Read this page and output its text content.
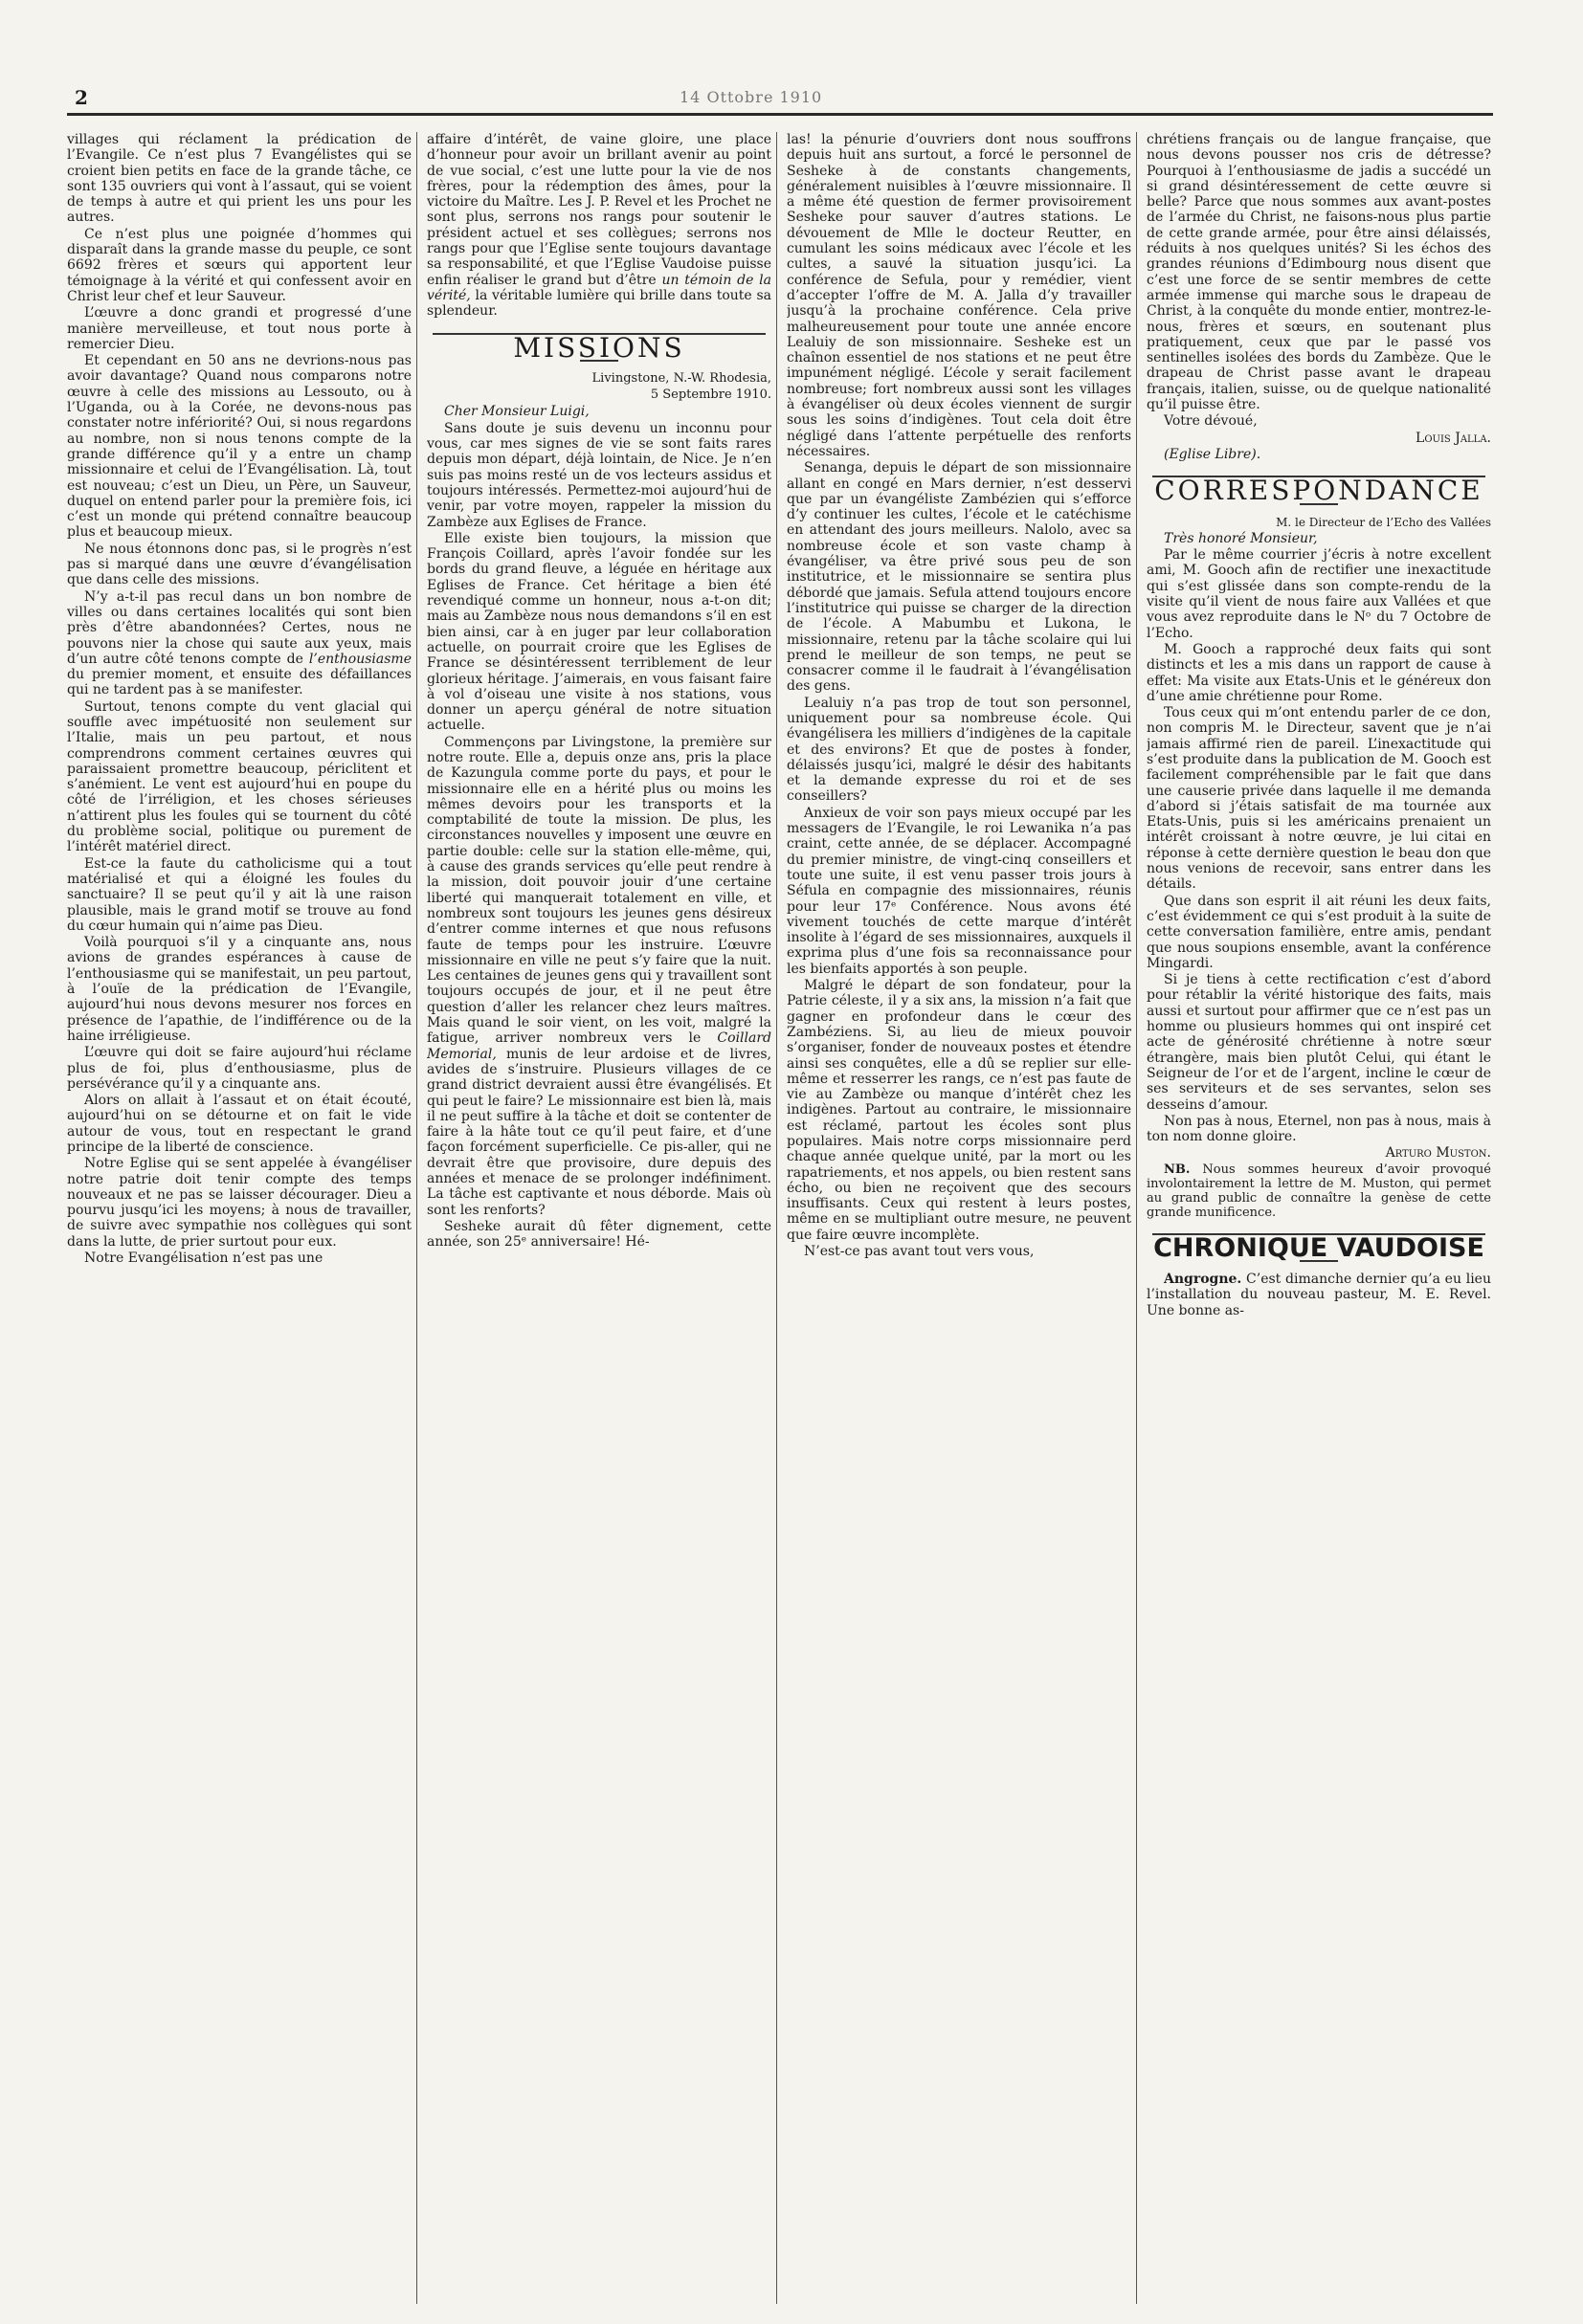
2	14 Ottobre 1910

villages qui réclament la prédication de l’Evangile. Ce n’est plus 7 Evangélistes qui se croient bien petits en face de la grande tâche, ce sont 135 ouvriers qui vont à l’assaut, qui se voient de temps à autre et qui prient les uns pour les autres.

Ce n’est plus une poignée d’hommes qui disparaît dans la grande masse du peuple, ce sont 6692 frères et sœurs qui apportent leur témoignage à la vérité et qui confessent avoir en Christ leur chef et leur Sauveur.

L’œuvre a donc grandi et progressé d’une manière merveilleuse, et tout nous porte à remercier Dieu.

Et cependant en 50 ans ne devrions-nous pas avoir davantage? Quand nous comparons notre œuvre à celle des missions au Lessouto, ou à l’Uganda, ou à la Corée, ne devons-nous pas constater notre infériorité? Oui, si nous regardons au nombre, non si nous tenons compte de la grande différence qu’il y a entre un champ missionnaire et celui de l’Evangélisation. Là, tout est nouveau; c’est un Dieu, un Père, un Sauveur, duquel on entend parler pour la première fois, ici c’est un monde qui prétend connaître beaucoup plus et beaucoup mieux.

Ne nous étonnons donc pas, si le progrès n’est pas si marqué dans une œuvre d’évangélisation que dans celle des missions.

N’y a-t-il pas recul dans un bon nombre de villes ou dans certaines localités qui sont bien près d’être abandonnées? Certes, nous ne pouvons nier la chose qui saute aux yeux, mais d’un autre côté tenons compte de l’enthousiasme du premier moment, et ensuite des défaillances qui ne tardent pas à se manifester.

Surtout, tenons compte du vent glacial qui souffle avec impétuosité non seulement sur l’Italie, mais un peu partout, et nous comprendrons comment certaines œuvres qui paraissaient promettre beaucoup, périclitent et s’anémient. Le vent est aujourd’hui en poupe du côté de l’irréligion, et les choses sérieuses n’attirent plus les foules qui se tournent du côté du problème social, politique ou purement de l’intérêt matériel direct.

Est-ce la faute du catholicisme qui a tout matérialisé et qui a éloigné les foules du sanctuaire? Il se peut qu’il y ait là une raison plausible, mais le grand motif se trouve au fond du cœur humain qui n’aime pas Dieu.

Voilà pourquoi s’il y a cinquante ans, nous avions de grandes espérances à cause de l’enthousiasme qui se manifestait, un peu partout, à l’ouïe de la prédication de l’Evangile, aujourd’hui nous devons mesurer nos forces en présence de l’apathie, de l’indifférence ou de la haine irréligieuse.

L’œuvre qui doit se faire aujourd’hui réclame plus de foi, plus d’enthousiasme, plus de persévérance qu’il y a cinquante ans.

Alors on allait à l’assaut et on était écouté, aujourd’hui on se détourne et on fait le vide autour de vous, tout en respectant le grand principe de la liberté de conscience.

Notre Eglise qui se sent appelée à évangéliser notre patrie doit tenir compte des temps nouveaux et ne pas se laisser décourager. Dieu a pourvu jusqu’ici les moyens; à nous de travailler, de suivre avec sympathie nos collègues qui sont dans la lutte, de prier surtout pour eux.

Notre Evangélisation n’est pas une

affaire d’intérêt, de vaine gloire, une place d’honneur pour avoir un brillant avenir au point de vue social, c’est une lutte pour la vie de nos frères, pour la rédemption des âmes, pour la victoire du Maître. Les J. P. Revel et les Prochet ne sont plus, serrons nos rangs pour soutenir le président actuel et ses collègues; serrons nos rangs pour que l’Eglise sente toujours davantage sa responsabilité, et que l’Eglise Vaudoise puisse enfin réaliser le grand but d’être un témoin de la vérité, la véritable lumière qui brille dans toute sa splendeur.

MISSIONS

Livingstone, N.-W. Rhodesia,

5 Septembre 1910.

Cher Monsieur Luigi,

Sans doute je suis devenu un inconnu pour vous, car mes signes de vie se sont faits rares depuis mon départ, déjà lointain, de Nice. Je n’en suis pas moins resté un de vos lecteurs assidus et toujours intéressés. Permettez-moi aujourd’hui de venir, par votre moyen, rappeler la mission du Zambèze aux Eglises de France.

Elle existe bien toujours, la mission que François Coillard, après l’avoir fondée sur les bords du grand fleuve, a léguée en héritage aux Eglises de France. Cet héritage a bien été revendiqué comme un honneur, nous a-t-on dit; mais au Zambèze nous nous demandons s’il en est bien ainsi, car à en juger par leur collaboration actuelle, on pourrait croire que les Eglises de France se désintéressent terriblement de leur glorieux héritage. J’aimerais, en vous faisant faire à vol d’oiseau une visite à nos stations, vous donner un aperçu général de notre situation actuelle.

Commençons par Livingstone, la première sur notre route. Elle a, depuis onze ans, pris la place de Kazungula comme porte du pays, et pour le missionnaire elle en a hérité plus ou moins les mêmes devoirs pour les transports et la comptabilité de toute la mission. De plus, les circonstances nouvelles y imposent une œuvre en partie double: celle sur la station elle-même, qui, à cause des grands services qu’elle peut rendre à la mission, doit pouvoir jouir d’une certaine liberté qui manquerait totalement en ville, et nombreux sont toujours les jeunes gens désireux d’entrer comme internes et que nous refusons faute de temps pour les instruire. L’œuvre missionnaire en ville ne peut s’y faire que la nuit. Les centaines de jeunes gens qui y travaillent sont toujours occupés de jour, et il ne peut être question d’aller les relancer chez leurs maîtres. Mais quand le soir vient, on les voit, malgré la fatigue, arriver nombreux vers le Coillard Memorial, munis de leur ardoise et de livres, avides de s’instruire. Plusieurs villages de ce grand district devraient aussi être évangélisés. Et qui peut le faire? Le missionnaire est bien là, mais il ne peut suffire à la tâche et doit se contenter de faire à la hâte tout ce qu’il peut faire, et d’une façon forcément superficielle. Ce pis-aller, qui ne devrait être que provisoire, dure depuis des années et menace de se prolonger indéfiniment. La tâche est captivante et nous déborde. Mais où sont les renforts?

Sesheke aurait dû fêter dignement, cette année, son 25ᵉ anniversaire! Hé-

las! la pénurie d’ouvriers dont nous souffrons depuis huit ans surtout, a forcé le personnel de Sesheke à de constants changements, généralement nuisibles à l’œuvre missionnaire. Il a même été question de fermer provisoirement Sesheke pour sauver d’autres stations. Le dévouement de Mlle le docteur Reutter, en cumulant les soins médicaux avec l’école et les cultes, a sauvé la situation jusqu’ici. La conférence de Sefula, pour y remédier, vient d’accepter l’offre de M. A. Jalla d’y travailler jusqu’à la prochaine conférence. Cela prive malheureusement pour toute une année encore Lealuiy de son missionnaire. Sesheke est un chaînon essentiel de nos stations et ne peut être impunément négligé. L’école y serait facilement nombreuse; fort nombreux aussi sont les villages à évangéliser où deux écoles viennent de surgir sous les soins d’indigènes. Tout cela doit être négligé dans l’attente perpétuelle des renforts nécessaires.

Senanga, depuis le départ de son missionnaire allant en congé en Mars dernier, n’est desservi que par un évangéliste Zambézien qui s’efforce d’y continuer les cultes, l’école et le catéchisme en attendant des jours meilleurs. Nalolo, avec sa nombreuse école et son vaste champ à évangéliser, va être privé sous peu de son institutrice, et le missionnaire se sentira plus débordé que jamais. Sefula attend toujours encore l’institutrice qui puisse se charger de la direction de l’école. A Mabumbu et Lukona, le missionnaire, retenu par la tâche scolaire qui lui prend le meilleur de son temps, ne peut se consacrer comme il le faudrait à l’évangélisation des gens.

Lealuiy n’a pas trop de tout son personnel, uniquement pour sa nombreuse école. Qui évangélisera les milliers d’indigènes de la capitale et des environs? Et que de postes à fonder, délaissés jusqu’ici, malgré le désir des habitants et la demande expresse du roi et de ses conseillers?

Anxieux de voir son pays mieux occupé par les messagers de l’Evangile, le roi Lewanika n’a pas craint, cette année, de se déplacer. Accompagné du premier ministre, de vingt-cinq conseillers et toute une suite, il est venu passer trois jours à Séfula en compagnie des missionnaires, réunis pour leur 17ᵉ Conférence. Nous avons été vivement touchés de cette marque d’intérêt insolite à l’égard de ses missionnaires, auxquels il exprima plus d’une fois sa reconnaissance pour les bienfaits apportés à son peuple.

Malgré le départ de son fondateur, pour la Patrie céleste, il y a six ans, la mission n’a fait que gagner en profondeur dans le cœur des Zambéziens. Si, au lieu de mieux pouvoir s’organiser, fonder de nouveaux postes et étendre ainsi ses conquêtes, elle a dû se replier sur elle-même et resserrer les rangs, ce n’est pas faute de vie au Zambèze ou manque d’intérêt chez les indigènes. Partout au contraire, le missionnaire est réclamé, partout les écoles sont plus populaires. Mais notre corps missionnaire perd chaque année quelque unité, par la mort ou les rapatriements, et nos appels, ou bien restent sans écho, ou bien ne reçoivent que des secours insuffisants. Ceux qui restent à leurs postes, même en se multipliant outre mesure, ne peuvent que faire œuvre incomplète.

N’est-ce pas avant tout vers vous,

chrétiens français ou de langue française, que nous devons pousser nos cris de détresse? Pourquoi à l’enthousiasme de jadis a succédé un si grand désintéressement de cette œuvre si belle? Parce que nous sommes aux avant-postes de l’armée du Christ, ne faisons-nous plus partie de cette grande armée, pour être ainsi délaissés, réduits à nos quelques unités? Si les échos des grandes réunions d’Edimbourg nous disent que c’est une force de se sentir membres de cette armée immense qui marche sous le drapeau de Christ, à la conquête du monde entier, montrez-le-nous, frères et sœurs, en soutenant plus pratiquement, ceux que par le passé vos sentinelles isolées des bords du Zambèze. Que le drapeau de Christ passe avant le drapeau français, italien, suisse, ou de quelque nationalité qu’il puisse être.

Votre dévoué,

Louis Jalla.

(Eglise Libre).

CORRESPONDANCE

M. le Directeur de l’Echo des Vallées

Très honoré Monsieur,

Par le même courrier j’écris à notre excellent ami, M. Gooch afin de rectifier une inexactitude qui s’est glissée dans son compte-rendu de la visite qu’il vient de nous faire aux Vallées et que vous avez reproduite dans le Nᵒ du 7 Octobre de l’Echo.

M. Gooch a rapproché deux faits qui sont distincts et les a mis dans un rapport de cause à effet: Ma visite aux Etats-Unis et le généreux don d’une amie chrétienne pour Rome.

Tous ceux qui m’ont entendu parler de ce don, non compris M. le Directeur, savent que je n’ai jamais affirmé rien de pareil. L’inexactitude qui s’est produite dans la publication de M. Gooch est facilement compréhensible par le fait que dans une causerie privée dans laquelle il me demanda d’abord si j’étais satisfait de ma tournée aux Etats-Unis, puis si les américains prenaient un intérêt croissant à notre œuvre, je lui citai en réponse à cette dernière question le beau don que nous venions de recevoir, sans entrer dans les détails.

Que dans son esprit il ait réuni les deux faits, c’est évidemment ce qui s’est produit à la suite de cette conversation familière, entre amis, pendant que nous soupions ensemble, avant la conférence Mingardi.

Si je tiens à cette rectification c’est d’abord pour rétablir la vérité historique des faits, mais aussi et surtout pour affirmer que ce n’est pas un homme ou plusieurs hommes qui ont inspiré cet acte de générosité chrétienne à notre sœur étrangère, mais bien plutôt Celui, qui étant le Seigneur de l’or et de l’argent, incline le cœur de ses serviteurs et de ses servantes, selon ses desseins d’amour.

Non pas à nous, Eternel, non pas à nous, mais à ton nom donne gloire.

Arturo Muston.

NB. Nous sommes heureux d’avoir provoqué involontairement la lettre de M. Muston, qui permet au grand public de connaître la genèse de cette grande munificence.

CHRONIQUE VAUDOISE

Angrogne. C’est dimanche dernier qu’a eu lieu l’installation du nouveau pasteur, M. E. Revel. Une bonne as-
